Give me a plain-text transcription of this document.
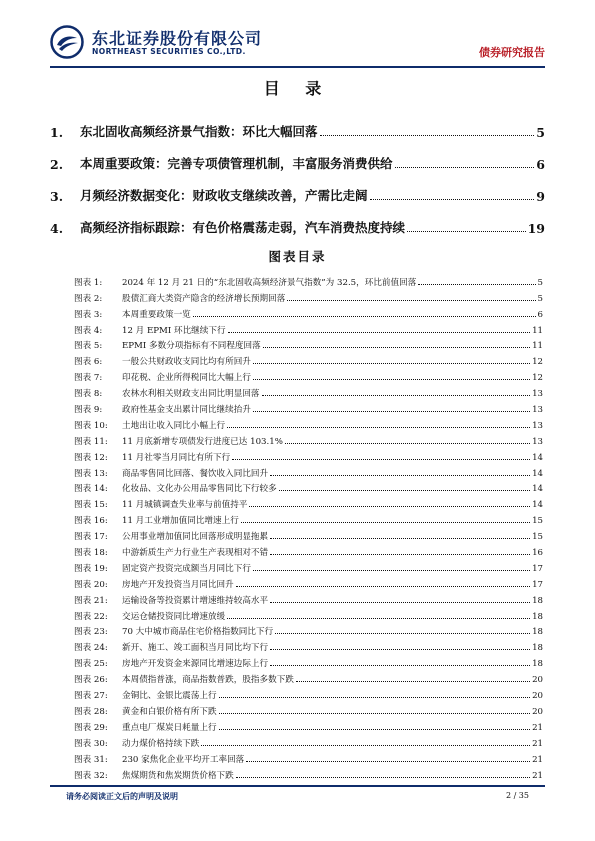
东北证券股份有限公司
NORTHEAST SECURITIES CO.,LTD.	债券研究报告
目 录
1.	东北固收高频经济景气指数：环比大幅回落	5
2.	本周重要政策：完善专项债管理机制，丰富服务消费供给	6
3.	月频经济数据变化：财政收支继续改善，产需比走阔	9
4.	高频经济指标跟踪：有色价格震荡走弱，汽车消费热度持续	19
图表目录
图表 1:	2024 年 12 月 21 日的“东北固收高频经济景气指数”为 32.5，环比前值回落	5
图表 2:	股债汇商大类资产隐含的经济增长预期回落	5
图表 3:	本周重要政策一览	6
图表 4:	12 月 EPMI 环比继续下行	11
图表 5:	EPMI 多数分项指标有不同程度回落	11
图表 6:	一般公共财政收支同比均有所回升	12
图表 7:	印花税、企业所得税同比大幅上行	12
图表 8:	农林水利相关财政支出同比明显回落	13
图表 9:	政府性基金支出累计同比继续抬升	13
图表 10:	土地出让收入同比小幅上行	13
图表 11:	11 月底新增专项债发行进度已达 103.1%	13
图表 12:	11 月社零当月同比有所下行	14
图表 13:	商品零售同比回落、餐饮收入同比回升	14
图表 14:	化妆品、文化办公用品零售同比下行较多	14
图表 15:	11 月城镇调查失业率与前值持平	14
图表 16:	11 月工业增加值同比增速上行	15
图表 17:	公用事业增加值同比回落形成明显拖累	15
图表 18:	中游新质生产力行业生产表现相对不错	16
图表 19:	固定资产投资完成额当月同比下行	17
图表 20:	房地产开发投资当月同比回升	17
图表 21:	运输设备等投资累计增速维持较高水平	18
图表 22:	交运仓储投资同比增速放缓	18
图表 23:	70 大中城市商品住宅价格指数同比下行	18
图表 24:	新开、施工、竣工面积当月同比均下行	18
图表 25:	房地产开发资金来源同比增速边际上行	18
图表 26:	本周债指普涨，商品指数普跌，股指多数下跌	20
图表 27:	金铜比、金银比震荡上行	20
图表 28:	黄金和白银价格有所下跌	20
图表 29:	重点电厂煤炭日耗量上行	21
图表 30:	动力煤价格持续下跌	21
图表 31:	230 家焦化企业平均开工率回落	21
图表 32:	焦煤期货和焦炭期货价格下跌	21
请务必阅读正文后的声明及说明	2 / 35
